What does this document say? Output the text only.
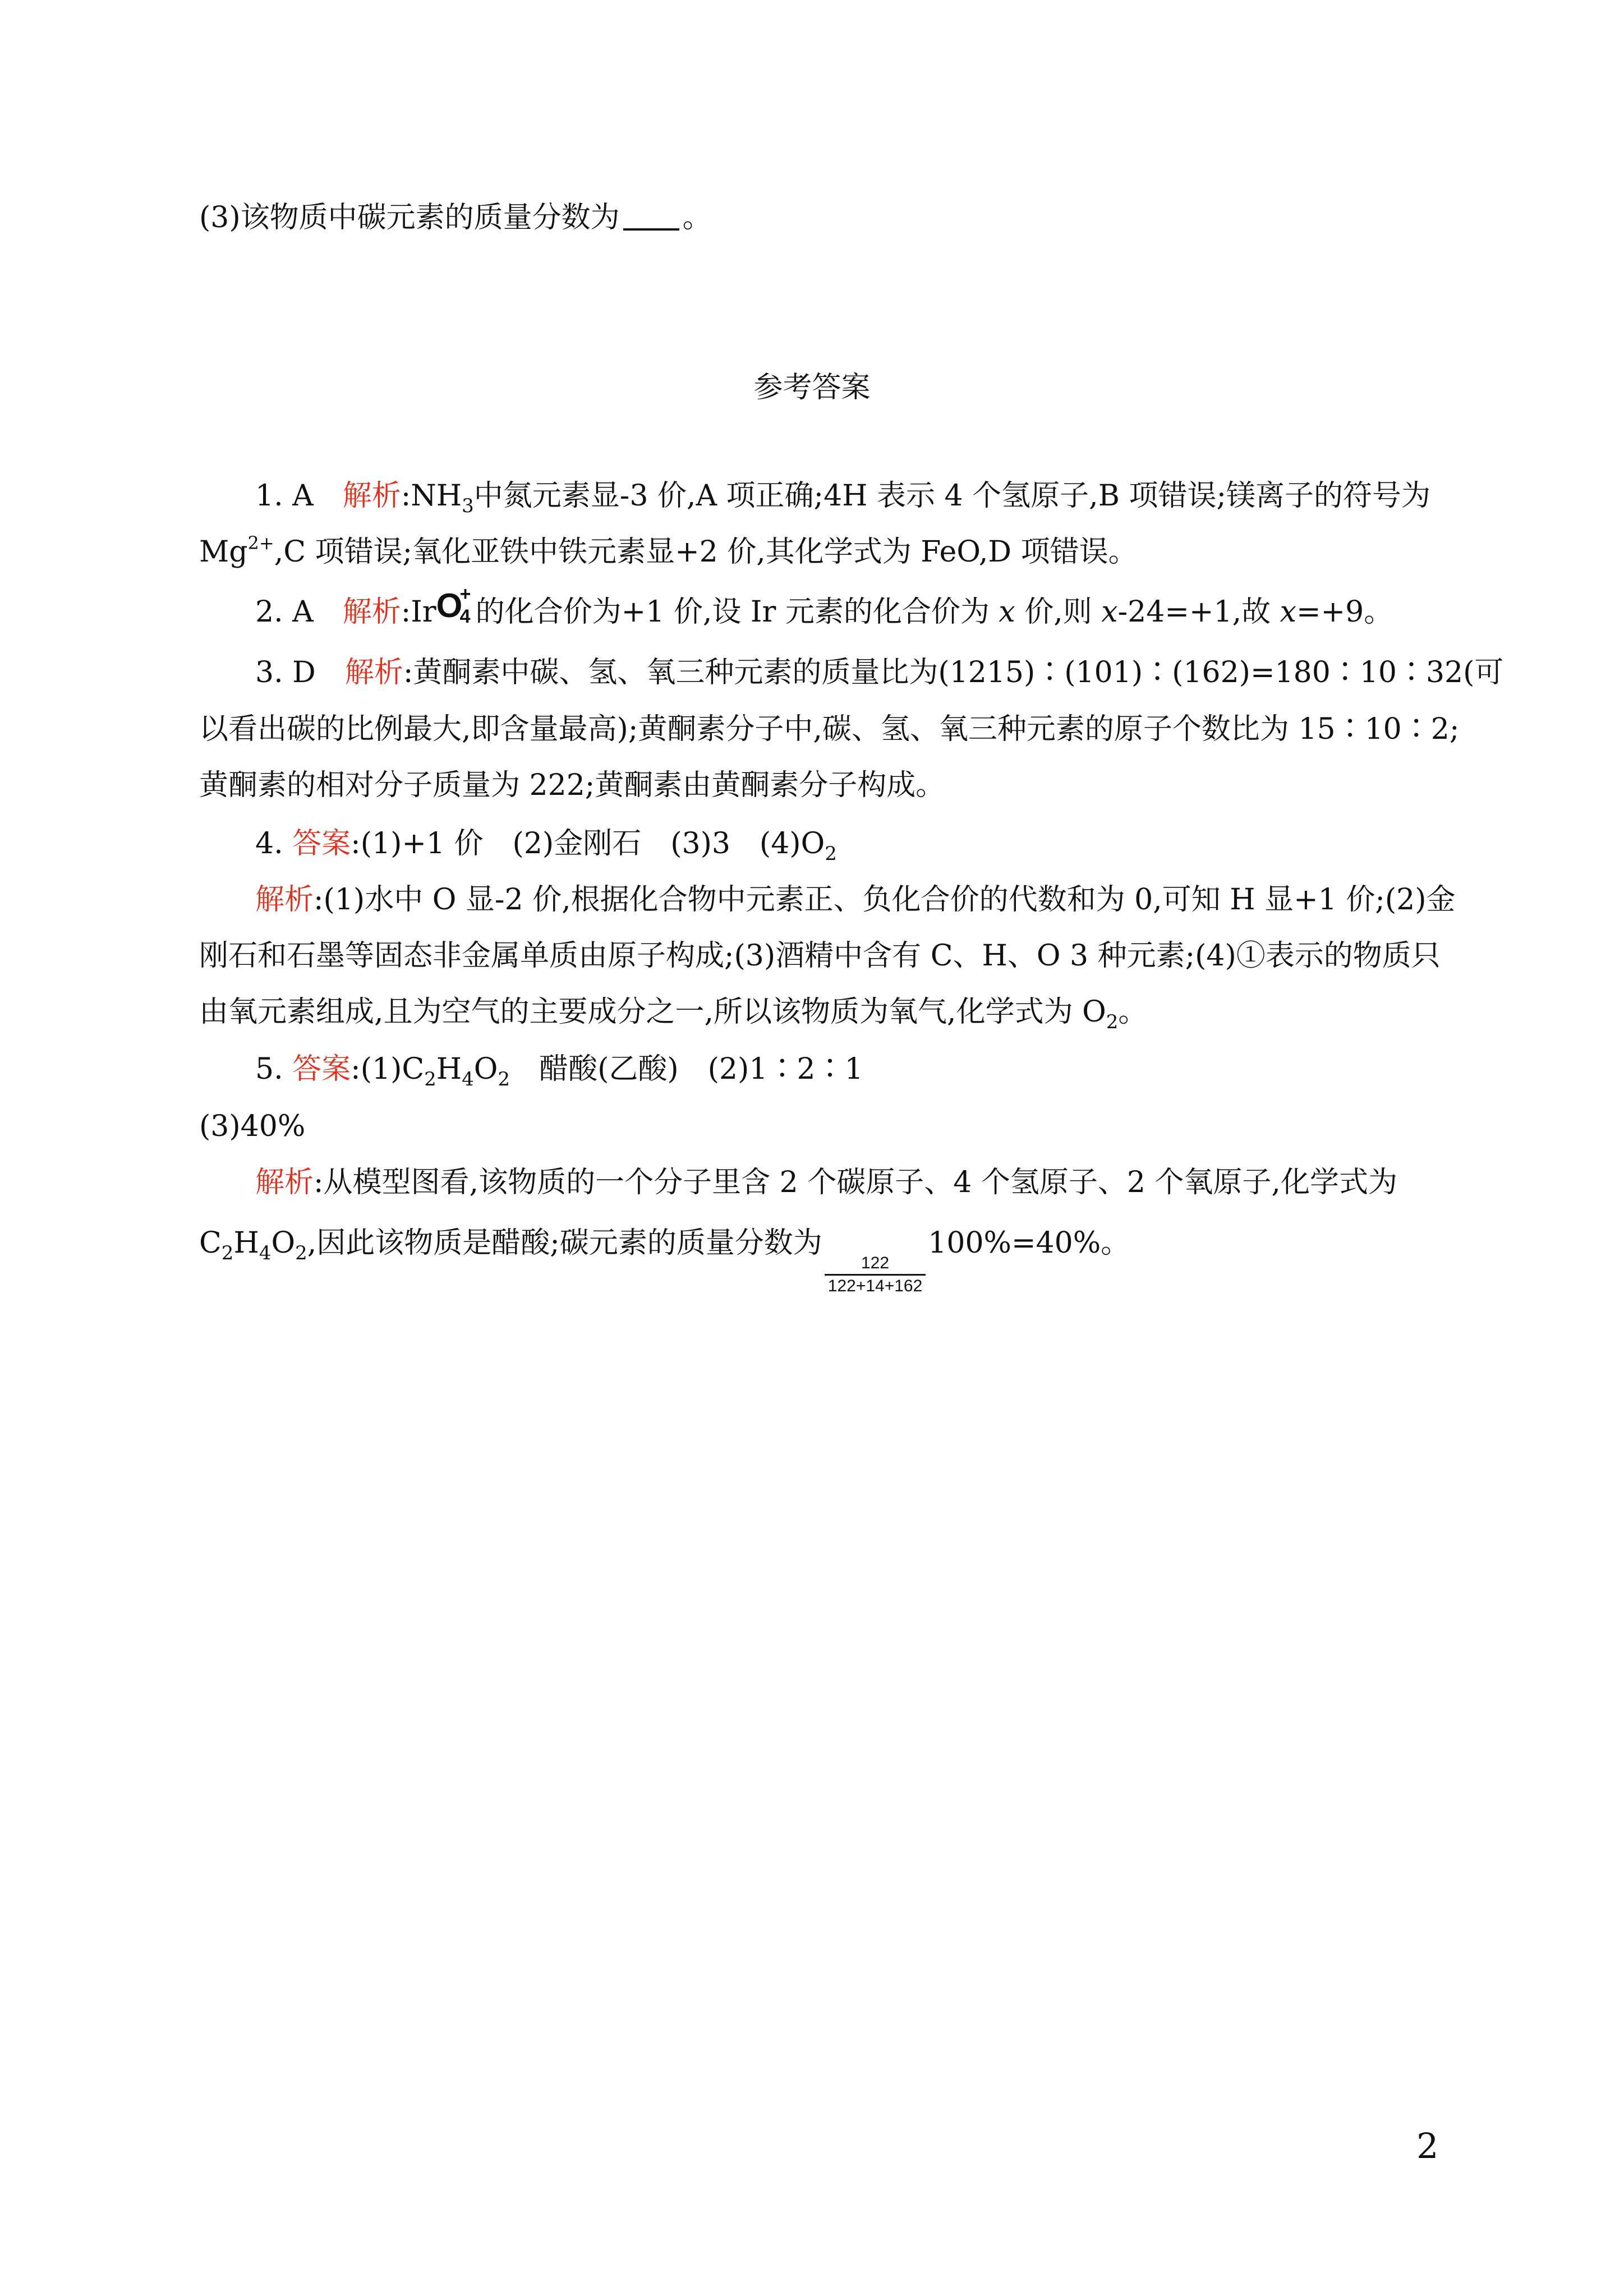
(3)该物质中碳元素的质量分数为 。

参考答案

1. A　 解析$:NH_3$中氮元素显-3 价,A 项正确;4H 表示 4 个氢原子,B 项错误;镁离子的符号为

$Mg^{2+},C$ 项错误;氧化亚铁中铁元素显+2 价,其化学式为 FeO,D 项错误。

2. A　 解析:Ir O
+
4 的化合价为+1 价,设 Ir 元素的化合价为 x 价,则 x-24=+1,故 x=+9。

3. D　 解析:黄酮素中碳、氢、氧三种元素的质量比为(1215)∶(101)∶(162)=180∶10∶32(可

以看出碳的比例最大,即含量最高);黄酮素分子中,碳、氢、氧三种元素的原子个数比为 15∶10∶2;

黄酮素的相对分子质量为 222;黄酮素由黄酮素分子构成。

4. 答案:(1)+1 价　(2)金刚石　(3)3　$(4)O_2$

解析:(1)水中 O 显-2 价,根据化合物中元素正、负化合价的代数和为 0,可知 H 显+1 价;(2)金

刚石和石墨等固态非金属单质由原子构成;(3)酒精中含有 C、H、O 3 种元素;(4)①表示的物质只

由氧元素组成,且为空气的主要成分之一,所以该物质为氧气,化学式为 $O_2$。

5. 答案$:(1)C_2H_4O_2$　醋酸(乙酸)　(2)1∶2∶1

(3)40%

解析:从模型图看,该物质的一个分子里含 2 个碳原子、4 个氢原子、2 个氧原子,化学式为

$C_2H_4O_2$,因此该物质是醋酸;碳元素的质量分数为
$\frac{122}{122+14+162}$
100%=40%。

2
